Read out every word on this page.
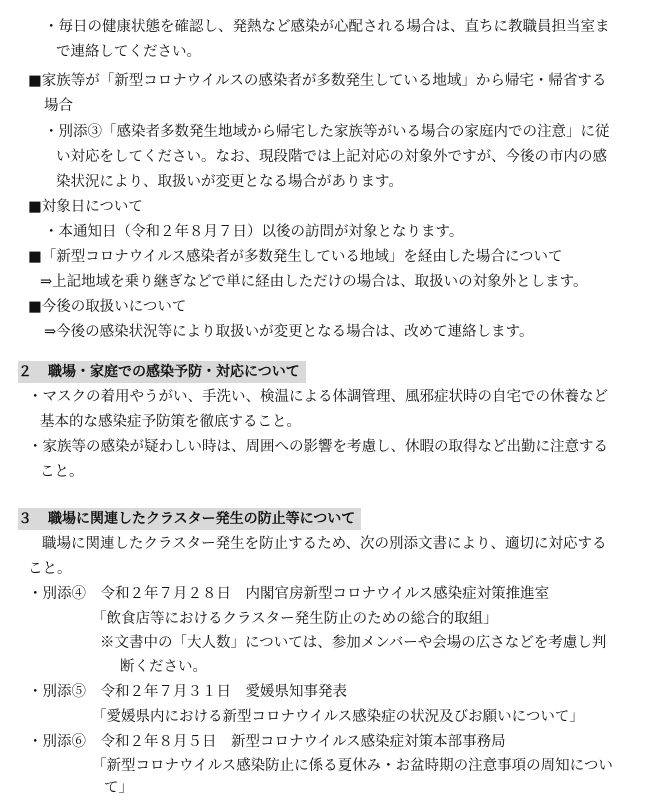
・毎日の健康状態を確認し、発熱など感染が心配される場合は、直ちに教職員担当室ま
で連絡してください。
■家族等が「新型コロナウイルスの感染者が多数発生している地域」から帰宅・帰省する
場合
・別添③「感染者多数発生地域から帰宅した家族等がいる場合の家庭内での注意」に従
い対応をしてください。なお、現段階では上記対応の対象外ですが、今後の市内の感
染状況により、取扱いが変更となる場合があります。
■対象日について
・本通知日（令和２年８月７日）以後の訪問が対象となります。
■「新型コロナウイルス感染者が多数発生している地域」を経由した場合について
⇒上記地域を乗り継ぎなどで単に経由しただけの場合は、取扱いの対象外とします。
■今後の取扱いについて
⇒今後の感染状況等により取扱いが変更となる場合は、改めて連絡します。
２ 職場・家庭での感染予防・対応について
・マスクの着用やうがい、手洗い、検温による体調管理、風邪症状時の自宅での休養など
基本的な感染症予防策を徹底すること。
・家族等の感染が疑わしい時は、周囲への影響を考慮し、休暇の取得など出勤に注意する
こと。
３ 職場に関連したクラスター発生の防止等について
職場に関連したクラスター発生を防止するため、次の別添文書により、適切に対応する
こと。
・別添④　令和２年７月２８日　内閣官房新型コロナウイルス感染症対策推進室
「飲食店等におけるクラスター発生防止のための総合的取組」
※文書中の「大人数」については、参加メンバーや会場の広さなどを考慮し判
断ください。
・別添⑤　令和２年７月３１日　愛媛県知事発表
「愛媛県内における新型コロナウイルス感染症の状況及びお願いについて」
・別添⑥　令和２年８月５日　新型コロナウイルス感染症対策本部事務局
「新型コロナウイルス感染防止に係る夏休み・お盆時期の注意事項の周知につい
て」
